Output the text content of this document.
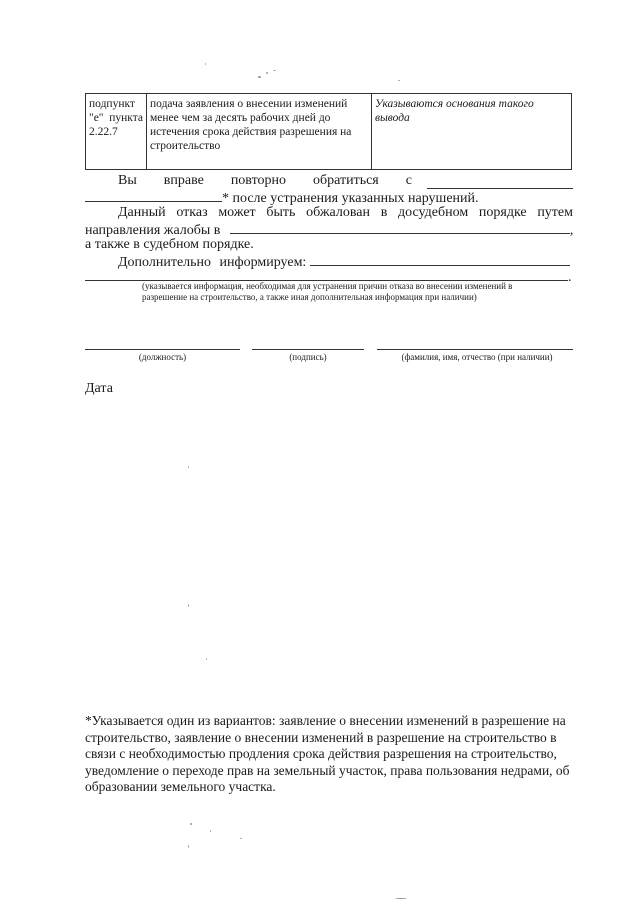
подпункт
"е" пункта
2.22.7
	подача заявления о внесении изменений менее чем за десять рабочих дней до истечения срока действия разрешения на строительство	Указываются основания такого вывода
Вы вправе повторно обратиться с
* после устранения указанных нарушений.
Данный отказ может быть обжалован в досудебном порядке путем
направления жалобы в	,
а также в судебном порядке.
Дополнительно информируем:
.
(указывается информация, необходимая для устранения причин отказа во внесении изменений в
разрешение на строительство, а также иная дополнительная информация при наличии)
(должность)	(подпись)	(фамилия, имя, отчество (при наличии)
Дата
*Указывается один из вариантов: заявление о внесении изменений в разрешение на строительство, заявление о внесении изменений в разрешение на строительство в связи с необходимостью продления срока действия разрешения на строительство, уведомление о переходе прав на земельный участок, права пользования недрами, об образовании земельного участка.
